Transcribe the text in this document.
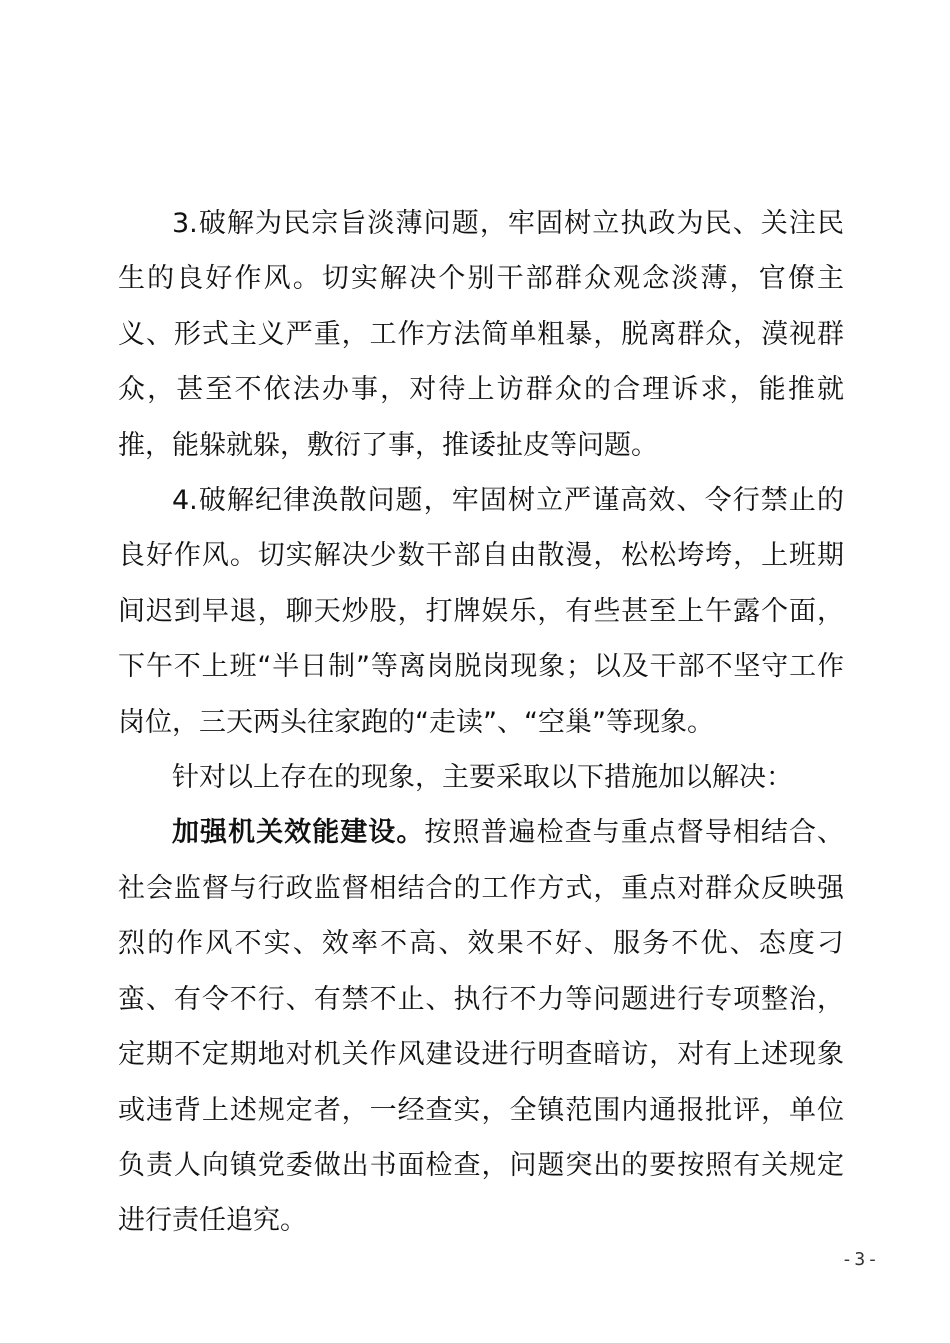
3.破解为民宗旨淡薄问题，牢固树立执政为民、关注民生的良好作风。切实解决个别干部群众观念淡薄，官僚主义、形式主义严重，工作方法简单粗暴，脱离群众，漠视群众，甚至不依法办事，对待上访群众的合理诉求，能推就推，能躲就躲，敷衍了事，推诿扯皮等问题。

4.破解纪律涣散问题，牢固树立严谨高效、令行禁止的良好作风。切实解决少数干部自由散漫，松松垮垮，上班期间迟到早退，聊天炒股，打牌娱乐，有些甚至上午露个面，下午不上班“半日制”等离岗脱岗现象；以及干部不坚守工作岗位，三天两头往家跑的“走读”、“空巢”等现象。

针对以上存在的现象，主要采取以下措施加以解决：

加强机关效能建设。按照普遍检查与重点督导相结合、社会监督与行政监督相结合的工作方式，重点对群众反映强烈的作风不实、效率不高、效果不好、服务不优、态度刁蛮、有令不行、有禁不止、执行不力等问题进行专项整治，定期不定期地对机关作风建设进行明查暗访，对有上述现象或违背上述规定者，一经查实，全镇范围内通报批评，单位负责人向镇党委做出书面检查，问题突出的要按照有关规定进行责任追究。

-3-
